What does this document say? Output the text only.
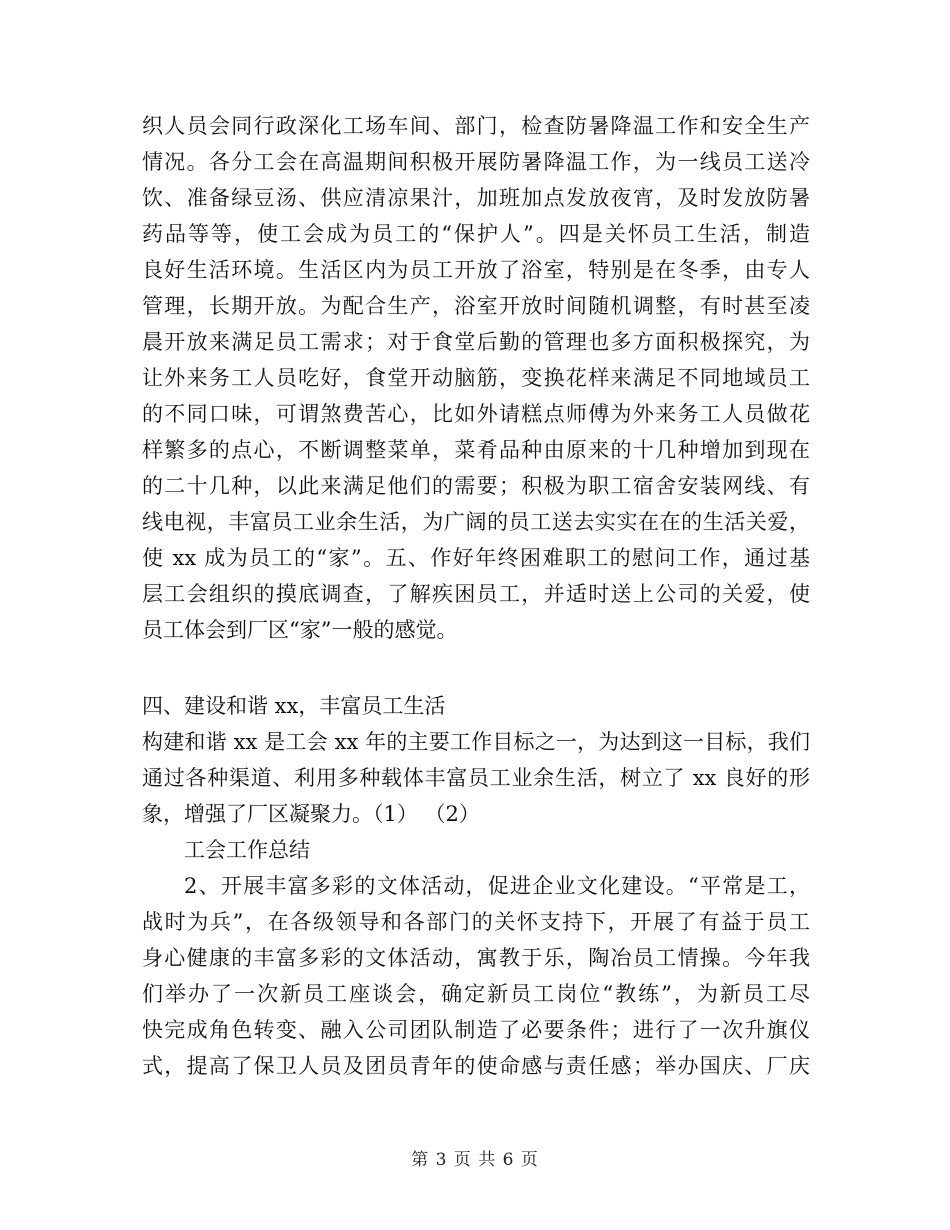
织人员会同行政深化工场车间、部门，检查防暑降温工作和安全生产
情况。各分工会在高温期间积极开展防暑降温工作，为一线员工送冷
饮、准备绿豆汤、供应清凉果汁，加班加点发放夜宵，及时发放防暑
药品等等，使工会成为员工的“保护人”。四是关怀员工生活，制造
良好生活环境。生活区内为员工开放了浴室，特别是在冬季，由专人
管理，长期开放。为配合生产，浴室开放时间随机调整，有时甚至凌
晨开放来满足员工需求；对于食堂后勤的管理也多方面积极探究，为
让外来务工人员吃好，食堂开动脑筋，变换花样来满足不同地域员工
的不同口味，可谓煞费苦心，比如外请糕点师傅为外来务工人员做花
样繁多的点心，不断调整菜单，菜肴品种由原来的十几种增加到现在
的二十几种，以此来满足他们的需要；积极为职工宿舍安装网线、有
线电视，丰富员工业余生活，为广阔的员工送去实实在在的生活关爱，
使 xx 成为员工的“家”。五、作好年终困难职工的慰问工作，通过基
层工会组织的摸底调查，了解疾困员工，并适时送上公司的关爱，使
员工体会到厂区“家”一般的感觉。
四、建设和谐 xx，丰富员工生活
构建和谐 xx 是工会 xx 年的主要工作目标之一，为达到这一目标，我们
通过各种渠道、利用多种载体丰富员工业余生活，树立了 xx 良好的形
象，增强了厂区凝聚力。（1） （2）
工会工作总结
2、开展丰富多彩的文体活动，促进企业文化建设。“平常是工，
战时为兵”，在各级领导和各部门的关怀支持下，开展了有益于员工
身心健康的丰富多彩的文体活动，寓教于乐，陶冶员工情操。今年我
们举办了一次新员工座谈会，确定新员工岗位“教练”，为新员工尽
快完成角色转变、融入公司团队制造了必要条件；进行了一次升旗仪
式，提高了保卫人员及团员青年的使命感与责任感；举办国庆、厂庆
第 3 页 共 6 页
